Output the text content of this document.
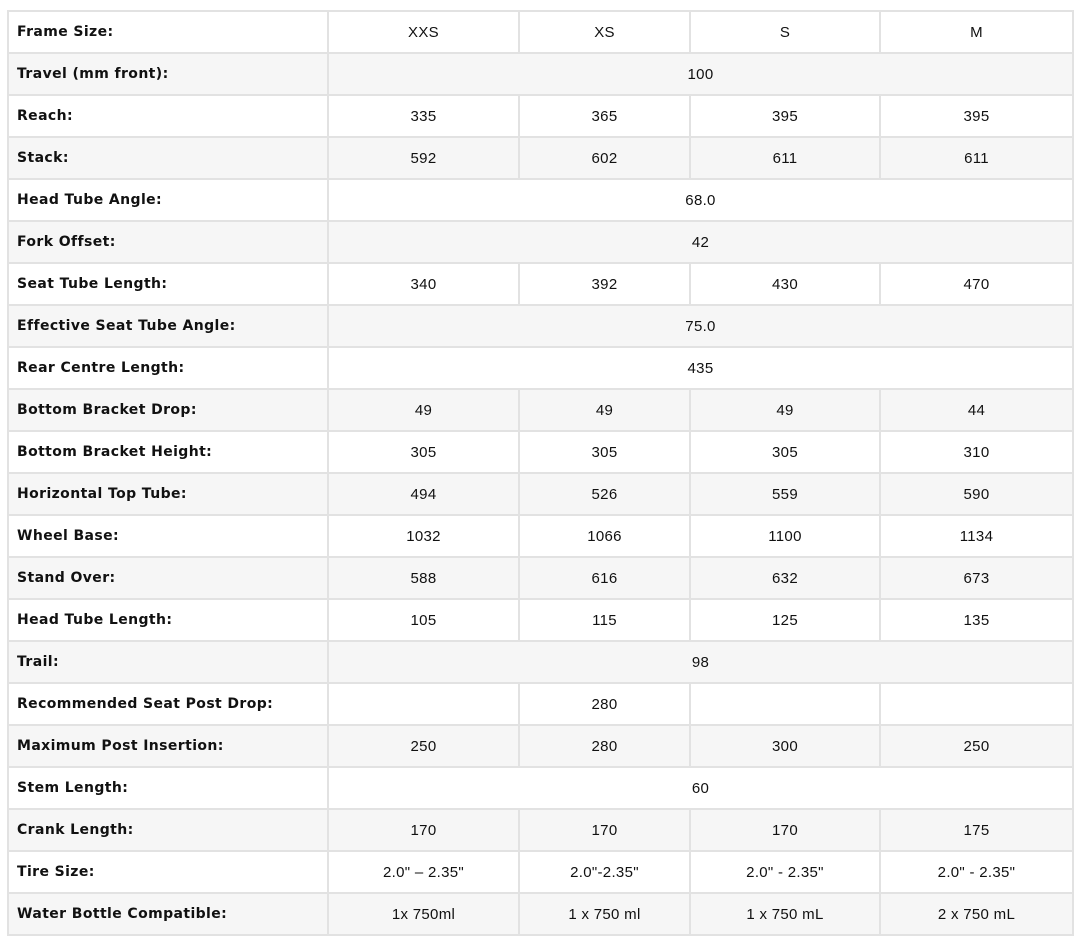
Frame Size:	XXS	XS	S	M
Travel (mm front):	100			
Reach:	335	365	395	395
Stack:	592	602	611	611
Head Tube Angle:	68.0			
Fork Offset:	42			
Seat Tube Length:	340	392	430	470
Effective Seat Tube Angle:	75.0			
Rear Centre Length:	435			
Bottom Bracket Drop:	49	49	49	44
Bottom Bracket Height:	305	305	305	310
Horizontal Top Tube:	494	526	559	590
Wheel Base:	1032	1066	1100	1134
Stand Over:	588	616	632	673
Head Tube Length:	105	115	125	135
Trail:	98			
Recommended Seat Post Drop:		280		
Maximum Post Insertion:	250	280	300	250
Stem Length:	60			
Crank Length:	170	170	170	175
Tire Size:	2.0" – 2.35"	2.0"-2.35"	2.0" - 2.35"	2.0" - 2.35"
Water Bottle Compatible:	1x 750ml	1 x 750 ml	1 x 750 mL	2 x 750 mL
